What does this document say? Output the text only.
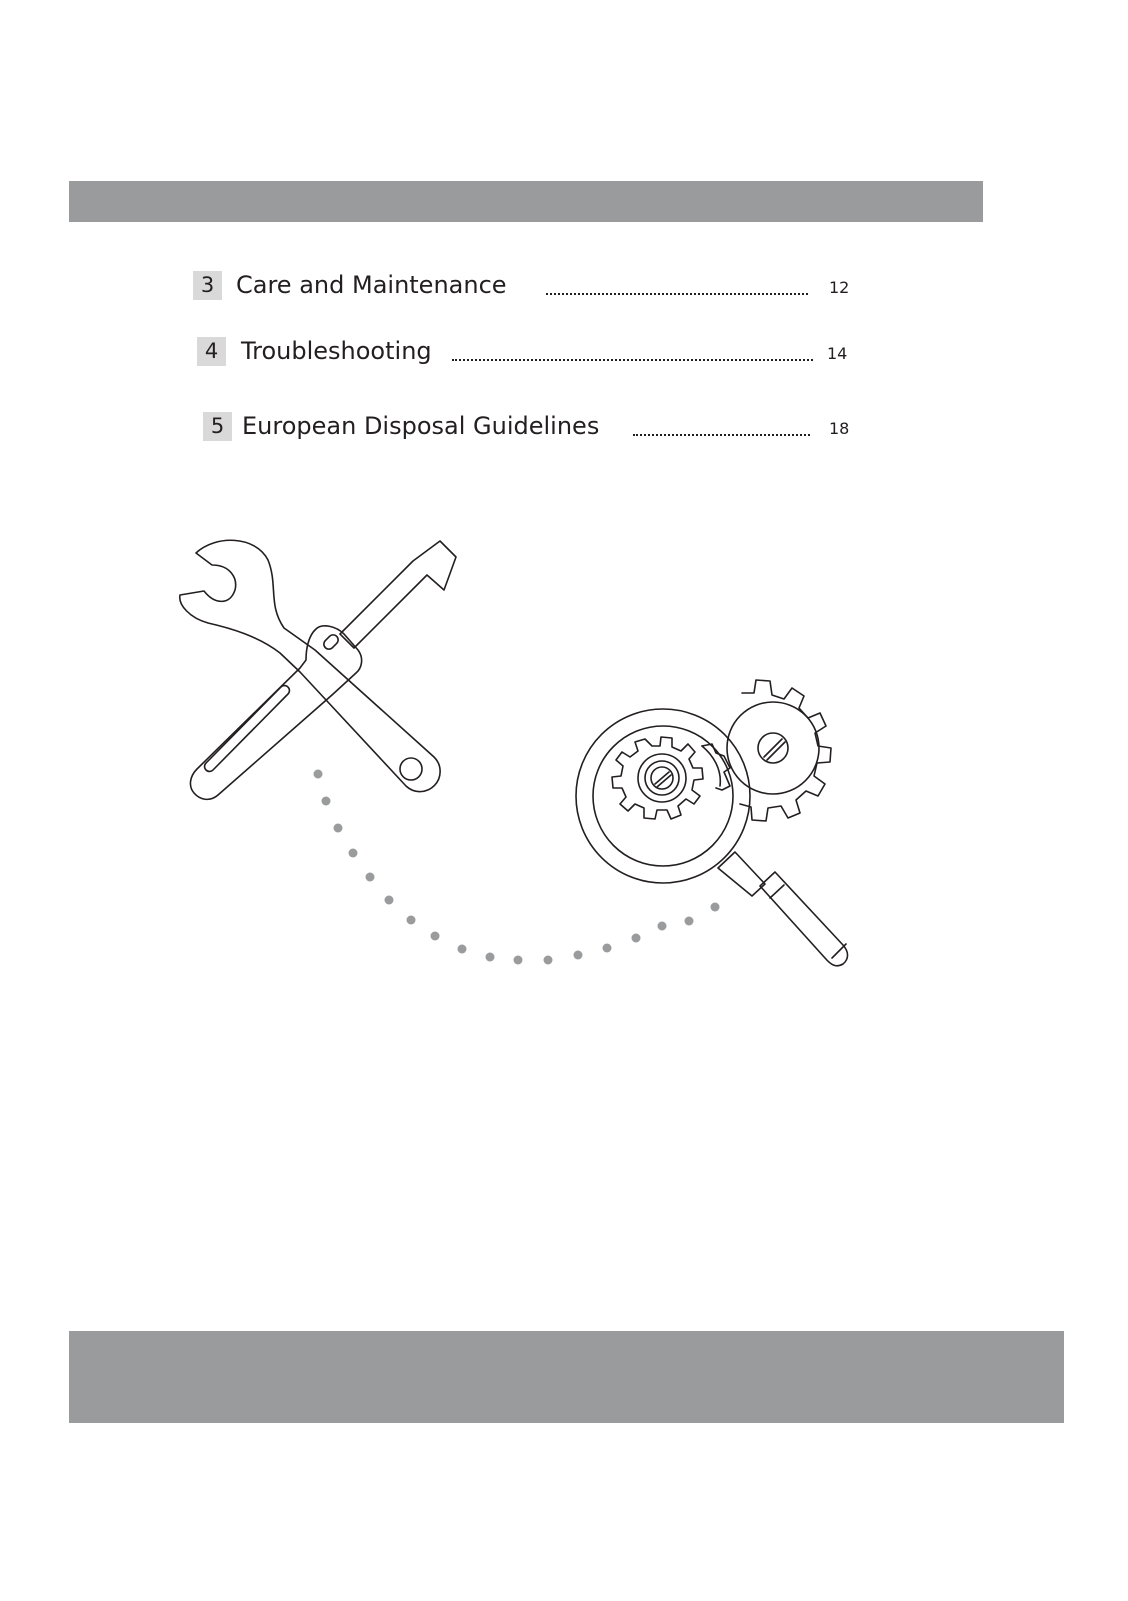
3 Care and Maintenance	12
4 Troubleshooting	14
5 European Disposal Guidelines	18
